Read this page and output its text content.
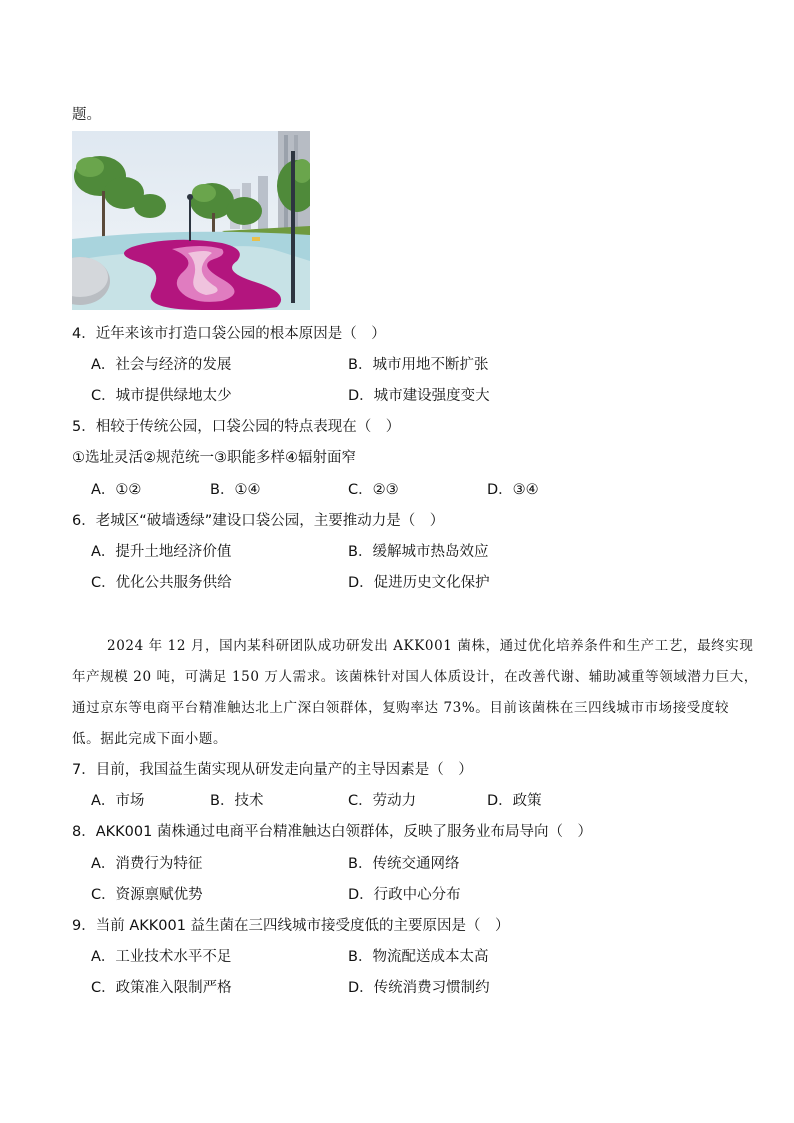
题。
4．近年来该市打造口袋公园的根本原因是（　）
A．社会与经济的发展	B．城市用地不断扩张
C．城市提供绿地太少	D．城市建设强度变大
5．相较于传统公园，口袋公园的特点表现在（　）
①选址灵活②规范统一③职能多样④辐射面窄
A．①②	B．①④	C．②③	D．③④
6．老城区“破墙透绿”建设口袋公园，主要推动力是（　）
A．提升土地经济价值	B．缓解城市热岛效应
C．优化公共服务供给	D．促进历史文化保护
2024 年 12 月，国内某科研团队成功研发出 AKK001 菌株，通过优化培养条件和生产工艺，最终实现
年产规模 20 吨，可满足 150 万人需求。该菌株针对国人体质设计，在改善代谢、辅助减重等领域潜力巨大，
通过京东等电商平台精准触达北上广深白领群体，复购率达 73%。目前该菌株在三四线城市市场接受度较
低。据此完成下面小题。
7．目前，我国益生菌实现从研发走向量产的主导因素是（　）
A．市场	B．技术	C．劳动力	D．政策
8．AKK001 菌株通过电商平台精准触达白领群体，反映了服务业布局导向（　）
A．消费行为特征	B．传统交通网络
C．资源禀赋优势	D．行政中心分布
9．当前 AKK001 益生菌在三四线城市接受度低的主要原因是（　）
A．工业技术水平不足	B．物流配送成本太高
C．政策准入限制严格	D．传统消费习惯制约
